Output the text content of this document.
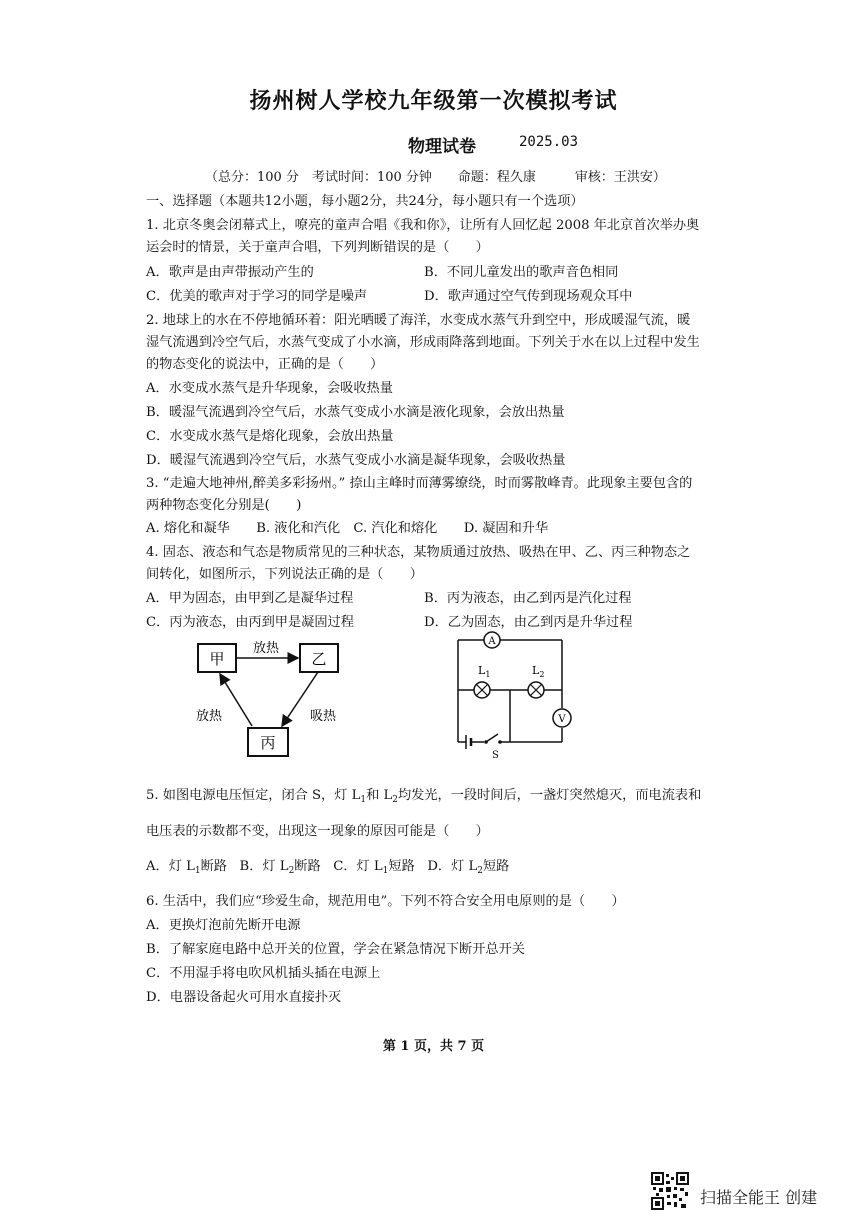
扬州树人学校九年级第一次模拟考试
物理试卷	2025.03
（总分：100 分　考试时间：100 分钟　　命题：程久康　　　审核：王洪安）
一、选择题（本题共12小题，每小题2分，共24分，每小题只有一个选项）
1. 北京冬奥会闭幕式上，嘹亮的童声合唱《我和你》，让所有人回忆起 2008 年北京首次举办奥
运会时的情景，关于童声合唱，下列判断错误的是（　　）
A．歌声是由声带振动产生的	B．不同儿童发出的歌声音色相同
C．优美的歌声对于学习的同学是噪声	D．歌声通过空气传到现场观众耳中
2. 地球上的水在不停地循环着：阳光晒暖了海洋，水变成水蒸气升到空中，形成暖湿气流，暖
湿气流遇到冷空气后，水蒸气变成了小水滴，形成雨降落到地面。下列关于水在以上过程中发生
的物态变化的说法中，正确的是（　　）
A．水变成水蒸气是升华现象，会吸收热量
B．暖湿气流遇到冷空气后，水蒸气变成小水滴是液化现象，会放出热量
C．水变成水蒸气是熔化现象，会放出热量
D．暖湿气流遇到冷空气后，水蒸气变成小水滴是凝华现象，会吸收热量
3. “走遍大地神州,醉美多彩扬州。” 捺山主峰时而薄雾缭绕，时而雾散峰青。此现象主要包含的
两种物态变化分别是(　　)
A. 熔化和凝华　　B. 液化和汽化　C. 汽化和熔化　　D. 凝固和升华
4. 固态、液态和气态是物质常见的三种状态，某物质通过放热、吸热在甲、乙、丙三种物态之
间转化，如图所示，下列说法正确的是（　　）
A．甲为固态，由甲到乙是凝华过程	B．丙为液态，由乙到丙是汽化过程
C．丙为液态，由丙到甲是凝固过程	D．乙为固态，由乙到丙是升华过程
甲	乙
丙
放热
放热	吸热
A
V
$L_1$	$L_2$
S
5. 如图电源电压恒定，闭合 S，灯 $L_1$和 $L_2$均发光，一段时间后，一盏灯突然熄灭，而电流表和
电压表的示数都不变，出现这一现象的原因可能是（　　）
A．灯 $L_1$断路 B．灯 $L_2$断路 C．灯 $L_1$短路 D．灯 $L_2$短路
6. 生活中，我们应“珍爱生命，规范用电”。下列不符合安全用电原则的是（　　）
A．更换灯泡前先断开电源
B．了解家庭电路中总开关的位置，学会在紧急情况下断开总开关
C．不用湿手将电吹风机插头插在电源上
D．电器设备起火可用水直接扑灭
第 1 页，共 7 页
扫描全能王 创建
